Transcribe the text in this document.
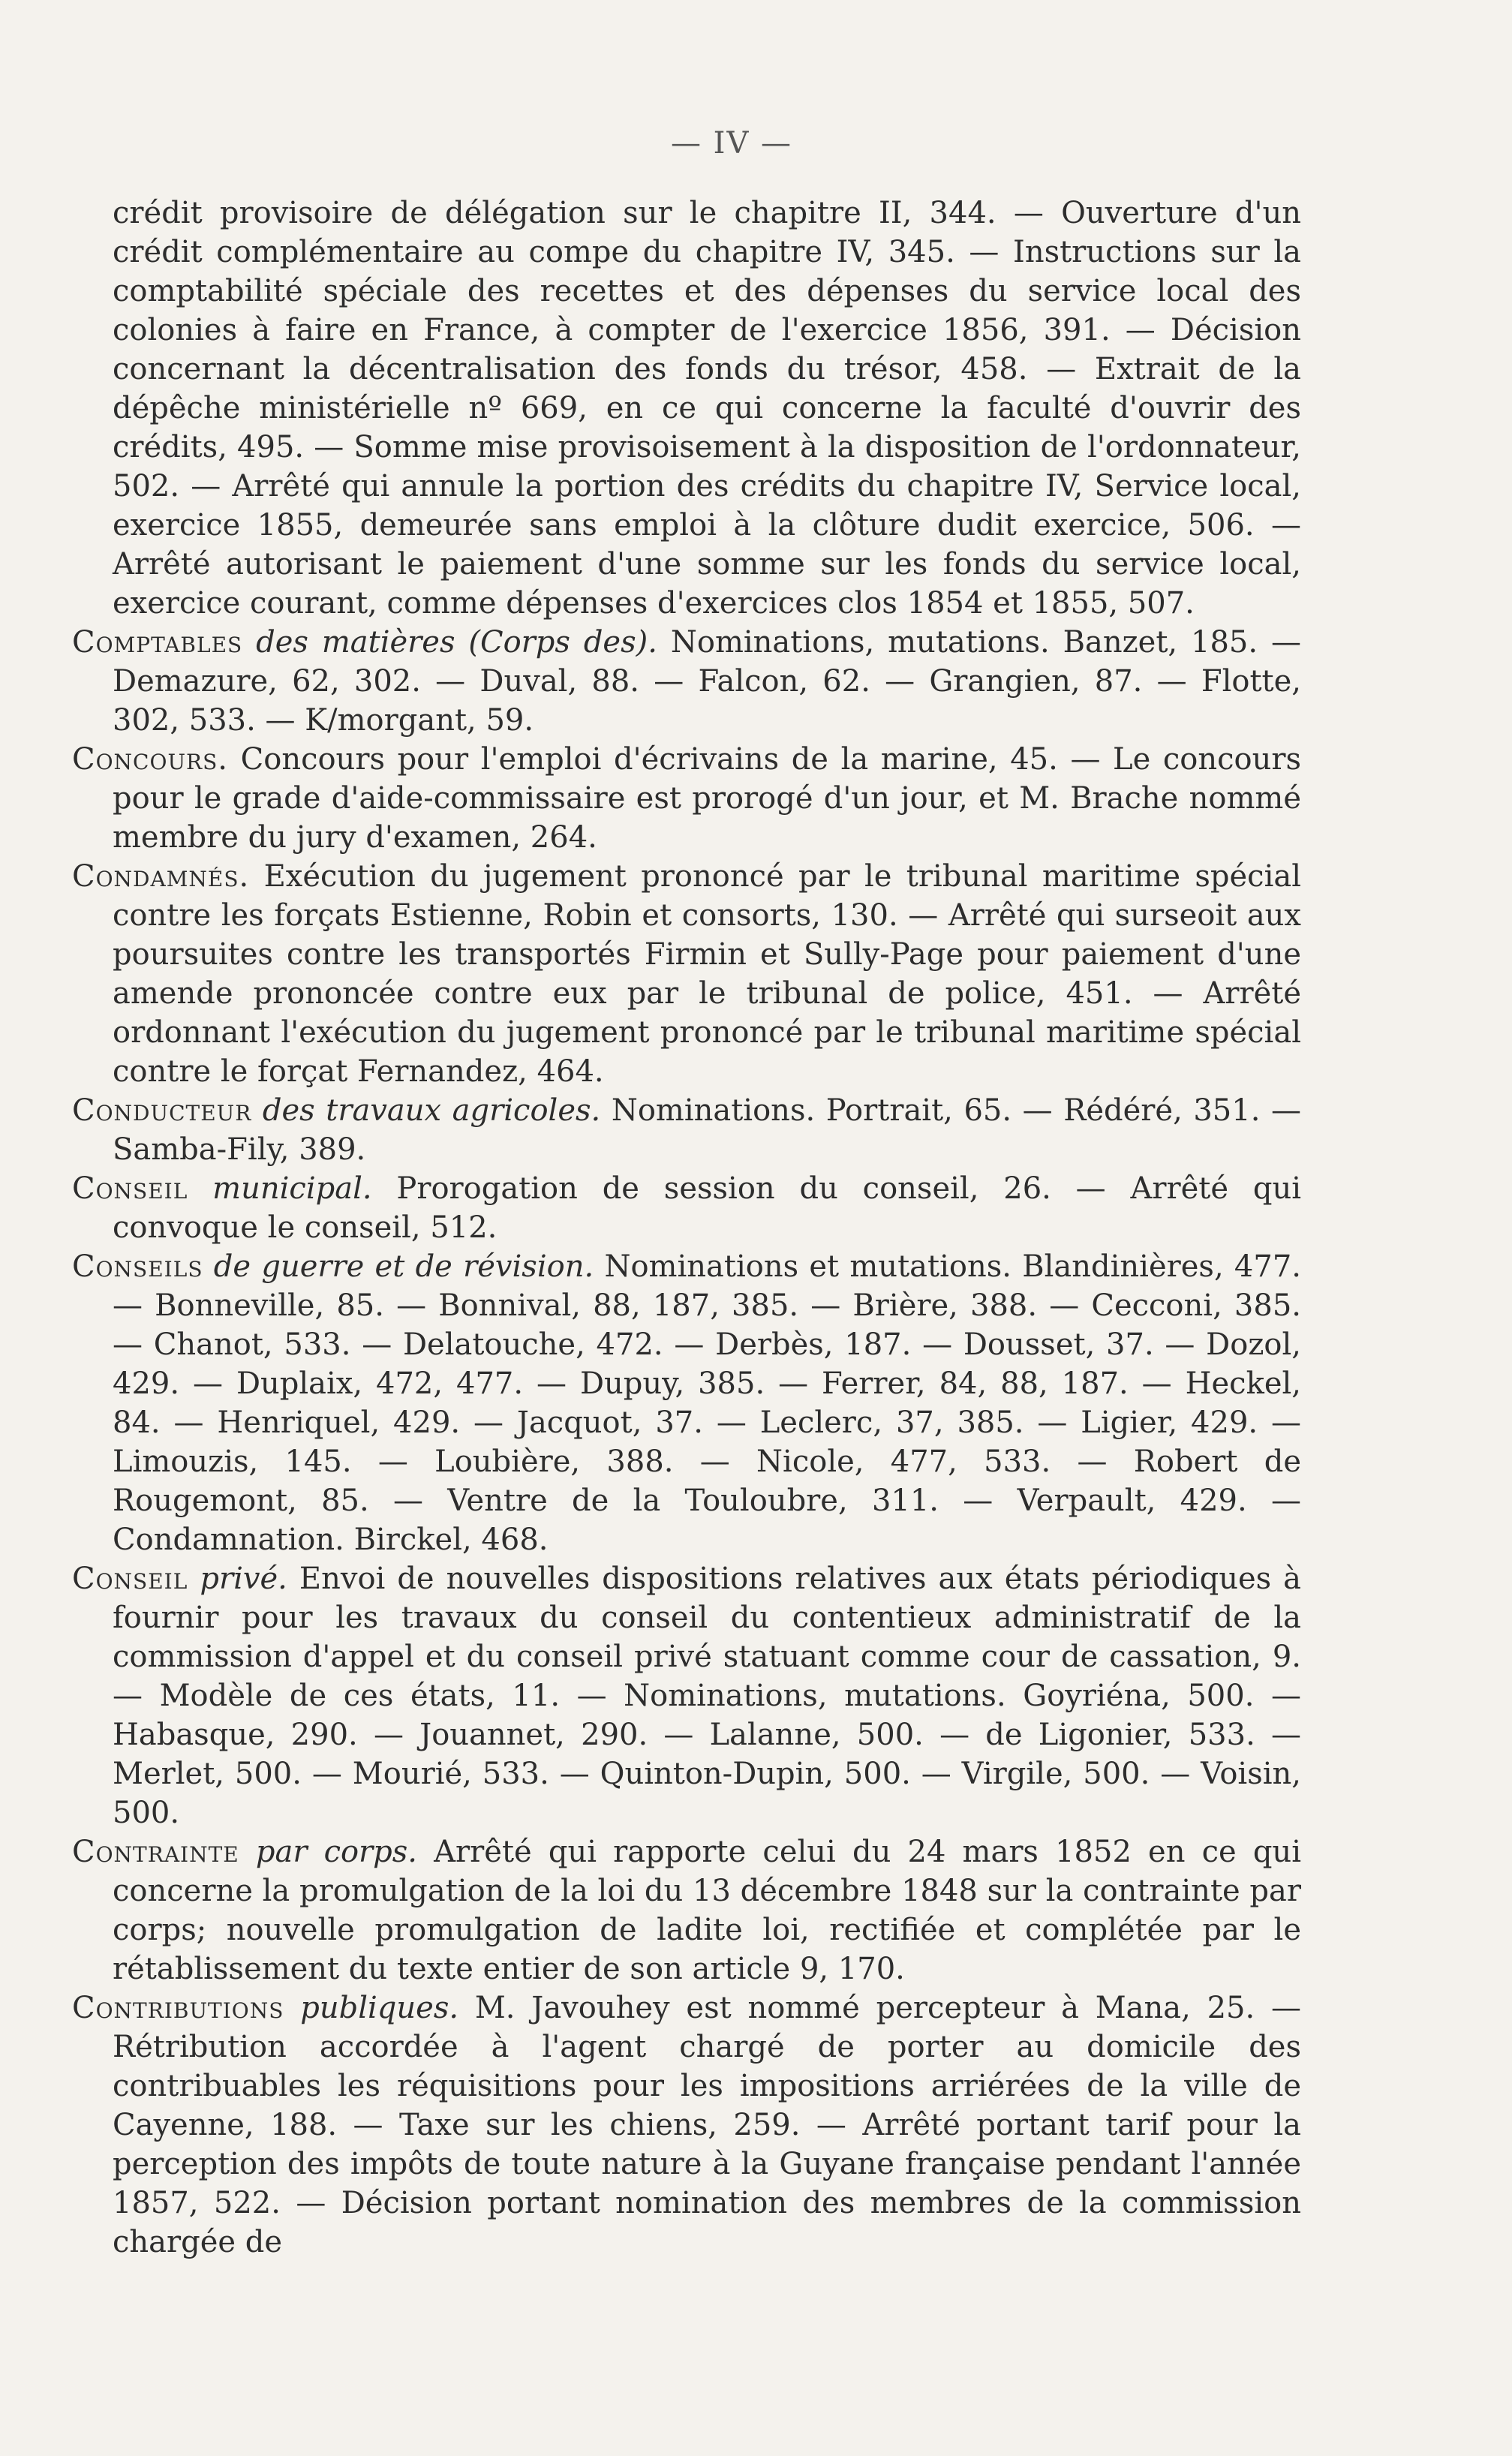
— IV —

crédit provisoire de délégation sur le chapitre II, 344. — Ouverture d'un crédit complémentaire au compe du chapitre IV, 345. — Instructions sur la comptabilité spéciale des recettes et des dépenses du service local des colonies à faire en France, à compter de l'exercice 1856, 391. — Décision concernant la décentralisation des fonds du trésor, 458. — Extrait de la dépêche ministérielle nº 669, en ce qui concerne la faculté d'ouvrir des crédits, 495. — Somme mise provisoisement à la disposition de l'ordonnateur, 502. — Arrêté qui annule la portion des crédits du chapitre IV, Service local, exercice 1855, demeurée sans emploi à la clôture dudit exercice, 506. — Arrêté autorisant le paiement d'une somme sur les fonds du service local, exercice courant, comme dépenses d'exercices clos 1854 et 1855, 507.

Comptables des matières (Corps des). Nominations, mutations. Banzet, 185. — Demazure, 62, 302. — Duval, 88. — Falcon, 62. — Grangien, 87. — Flotte, 302, 533. — K/morgant, 59.

Concours. Concours pour l'emploi d'écrivains de la marine, 45. — Le concours pour le grade d'aide-commissaire est prorogé d'un jour, et M. Brache nommé membre du jury d'examen, 264.

Condamnés. Exécution du jugement prononcé par le tribunal maritime spécial contre les forçats Estienne, Robin et consorts, 130. — Arrêté qui surseoit aux poursuites contre les transportés Firmin et Sully-Page pour paiement d'une amende prononcée contre eux par le tribunal de police, 451. — Arrêté ordonnant l'exécution du jugement prononcé par le tribunal maritime spécial contre le forçat Fernandez, 464.

Conducteur des travaux agricoles. Nominations. Portrait, 65. — Rédéré, 351. — Samba-Fily, 389.

Conseil municipal. Prorogation de session du conseil, 26. — Arrêté qui convoque le conseil, 512.

Conseils de guerre et de révision. Nominations et mutations. Blandinières, 477. — Bonneville, 85. — Bonnival, 88, 187, 385. — Brière, 388. — Cecconi, 385. — Chanot, 533. — Delatouche, 472. — Derbès, 187. — Dousset, 37. — Dozol, 429. — Duplaix, 472, 477. — Dupuy, 385. — Ferrer, 84, 88, 187. — Heckel, 84. — Henriquel, 429. — Jacquot, 37. — Leclerc, 37, 385. — Ligier, 429. — Limouzis, 145. — Loubière, 388. — Nicole, 477, 533. — Robert de Rougemont, 85. — Ventre de la Touloubre, 311. — Verpault, 429. — Condamnation. Birckel, 468.

Conseil privé. Envoi de nouvelles dispositions relatives aux états périodiques à fournir pour les travaux du conseil du contentieux administratif de la commission d'appel et du conseil privé statuant comme cour de cassation, 9. — Modèle de ces états, 11. — Nominations, mutations. Goyriéna, 500. — Habasque, 290. — Jouannet, 290. — Lalanne, 500. — de Ligonier, 533. — Merlet, 500. — Mourié, 533. — Quinton-Dupin, 500. — Virgile, 500. — Voisin, 500.

Contrainte par corps. Arrêté qui rapporte celui du 24 mars 1852 en ce qui concerne la promulgation de la loi du 13 décembre 1848 sur la contrainte par corps; nouvelle promulgation de ladite loi, rectifiée et complétée par le rétablissement du texte entier de son article 9, 170.

Contributions publiques. M. Javouhey est nommé percepteur à Mana, 25. — Rétribution accordée à l'agent chargé de porter au domicile des contribuables les réquisitions pour les impositions arriérées de la ville de Cayenne, 188. — Taxe sur les chiens, 259. — Arrêté portant tarif pour la perception des impôts de toute nature à la Guyane française pendant l'année 1857, 522. — Décision portant nomination des membres de la commission chargée de
